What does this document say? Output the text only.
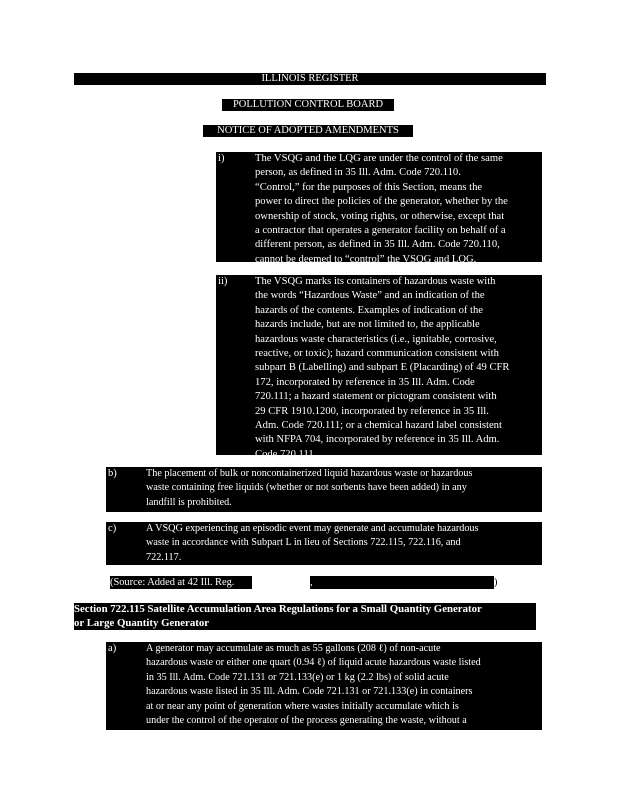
ILLINOIS REGISTER
POLLUTION CONTROL BOARD
NOTICE OF ADOPTED AMENDMENTS
i)	The VSQG and the LQG are under the control of the same
person, as defined in 35 Ill. Adm. Code 720.110.
“Control,” for the purposes of this Section, means the
power to direct the policies of the generator, whether by the
ownership of stock, voting rights, or otherwise, except that
a contractor that operates a generator facility on behalf of a
different person, as defined in 35 Ill. Adm. Code 720.110,
cannot be deemed to “control” the VSQG and LQG.
ii)	The VSQG marks its containers of hazardous waste with
the words “Hazardous Waste” and an indication of the
hazards of the contents. Examples of indication of the
hazards include, but are not limited to, the applicable
hazardous waste characteristics (i.e., ignitable, corrosive,
reactive, or toxic); hazard communication consistent with
subpart B (Labelling) and subpart E (Placarding) of 49 CFR
172, incorporated by reference in 35 Ill. Adm. Code
720.111; a hazard statement or pictogram consistent with
29 CFR 1910.1200, incorporated by reference in 35 Ill.
Adm. Code 720.111; or a chemical hazard label consistent
with NFPA 704, incorporated by reference in 35 Ill. Adm.
Code 720.111.
b)	The placement of bulk or noncontainerized liquid hazardous waste or hazardous
waste containing free liquids (whether or not sorbents have been added) in any
landfill is prohibited.
c)	A VSQG experiencing an episodic event may generate and accumulate hazardous
waste in accordance with Subpart L in lieu of Sections 722.115, 722.116, and
722.117.
(Source: Added at 42 Ill. Reg.	, effective
)
Section 722.115 Satellite Accumulation Area Regulations for a Small Quantity Generator
or Large Quantity Generator
a)	A generator may accumulate as much as 55 gallons (208 ℓ) of non-acute
hazardous waste or either one quart (0.94 ℓ) of liquid acute hazardous waste listed
in 35 Ill. Adm. Code 721.131 or 721.133(e) or 1 kg (2.2 lbs) of solid acute
hazardous waste listed in 35 Ill. Adm. Code 721.131 or 721.133(e) in containers
at or near any point of generation where wastes initially accumulate which is
under the control of the operator of the process generating the waste, without a
